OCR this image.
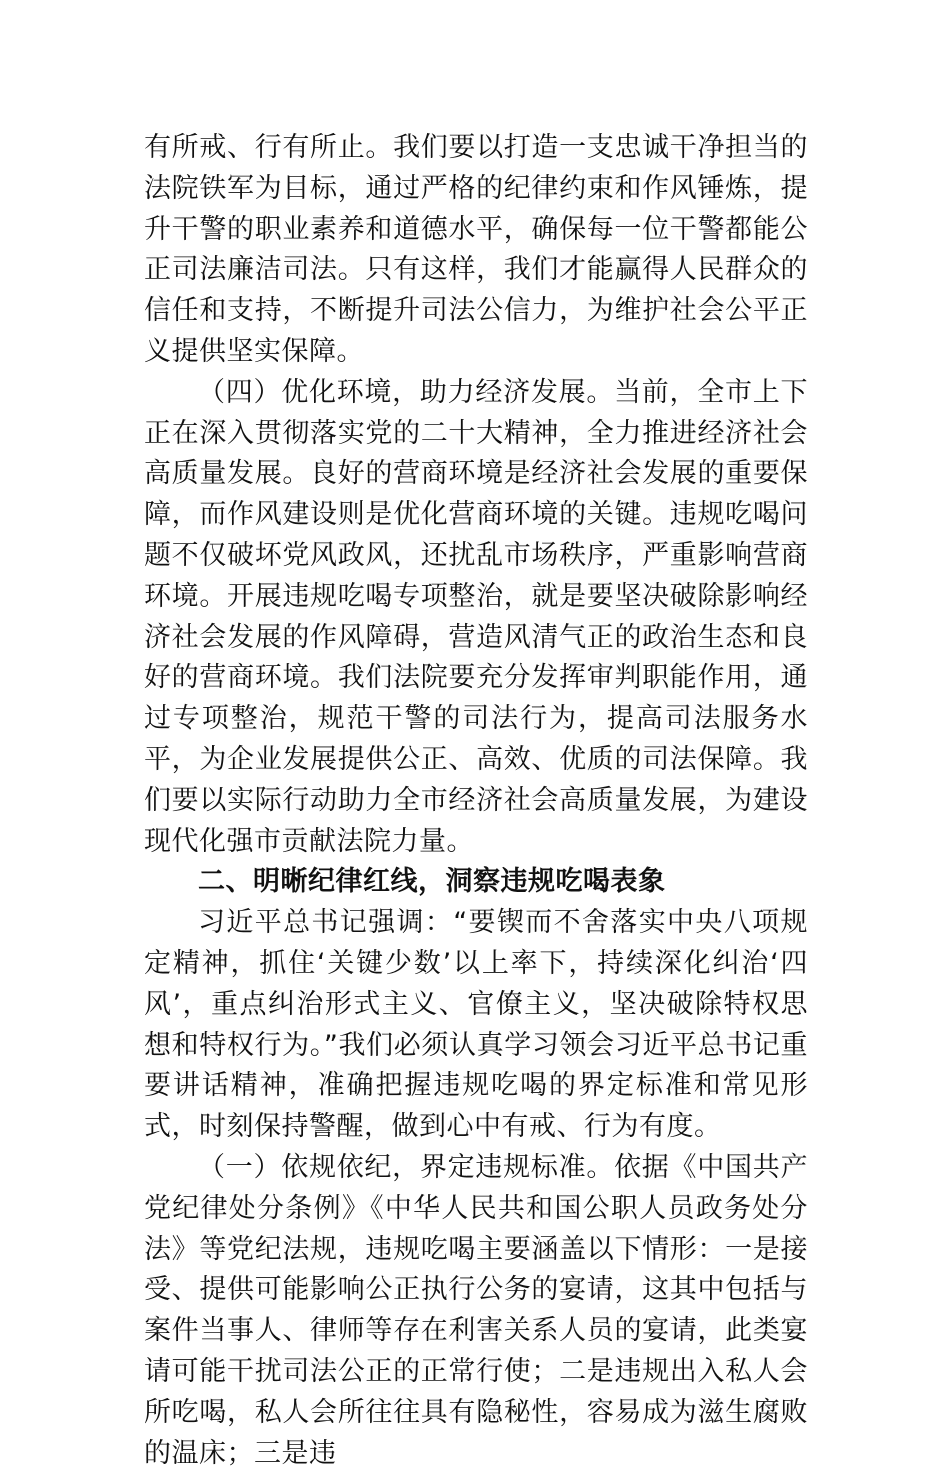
有所戒、行有所止。我们要以打造一支忠诚干净担当的法院铁军为目标，通过严格的纪律约束和作风锤炼，提升干警的职业素养和道德水平，确保每一位干警都能公正司法廉洁司法。只有这样，我们才能赢得人民群众的信任和支持，不断提升司法公信力，为维护社会公平正义提供坚实保障。

（四）优化环境，助力经济发展。当前，全市上下正在深入贯彻落实党的二十大精神，全力推进经济社会高质量发展。良好的营商环境是经济社会发展的重要保障，而作风建设则是优化营商环境的关键。违规吃喝问题不仅破坏党风政风，还扰乱市场秩序，严重影响营商环境。开展违规吃喝专项整治，就是要坚决破除影响经济社会发展的作风障碍，营造风清气正的政治生态和良好的营商环境。我们法院要充分发挥审判职能作用，通过专项整治，规范干警的司法行为，提高司法服务水平，为企业发展提供公正、高效、优质的司法保障。我们要以实际行动助力全市经济社会高质量发展，为建设现代化强市贡献法院力量。

二、明晰纪律红线，洞察违规吃喝表象

习近平总书记强调：“要锲而不舍落实中央八项规定精神，抓住‘关键少数’以上率下，持续深化纠治‘四风’，重点纠治形式主义、官僚主义，坚决破除特权思想和特权行为。”我们必须认真学习领会习近平总书记重要讲话精神，准确把握违规吃喝的界定标准和常见形式，时刻保持警醒，做到心中有戒、行为有度。

（一）依规依纪，界定违规标准。依据《中国共产党纪律处分条例》《中华人民共和国公职人员政务处分法》等党纪法规，违规吃喝主要涵盖以下情形：一是接受、提供可能影响公正执行公务的宴请，这其中包括与案件当事人、律师等存在利害关系人员的宴请，此类宴请可能干扰司法公正的正常行使；二是违规出入私人会所吃喝，私人会所往往具有隐秘性，容易成为滋生腐败的温床；三是违
